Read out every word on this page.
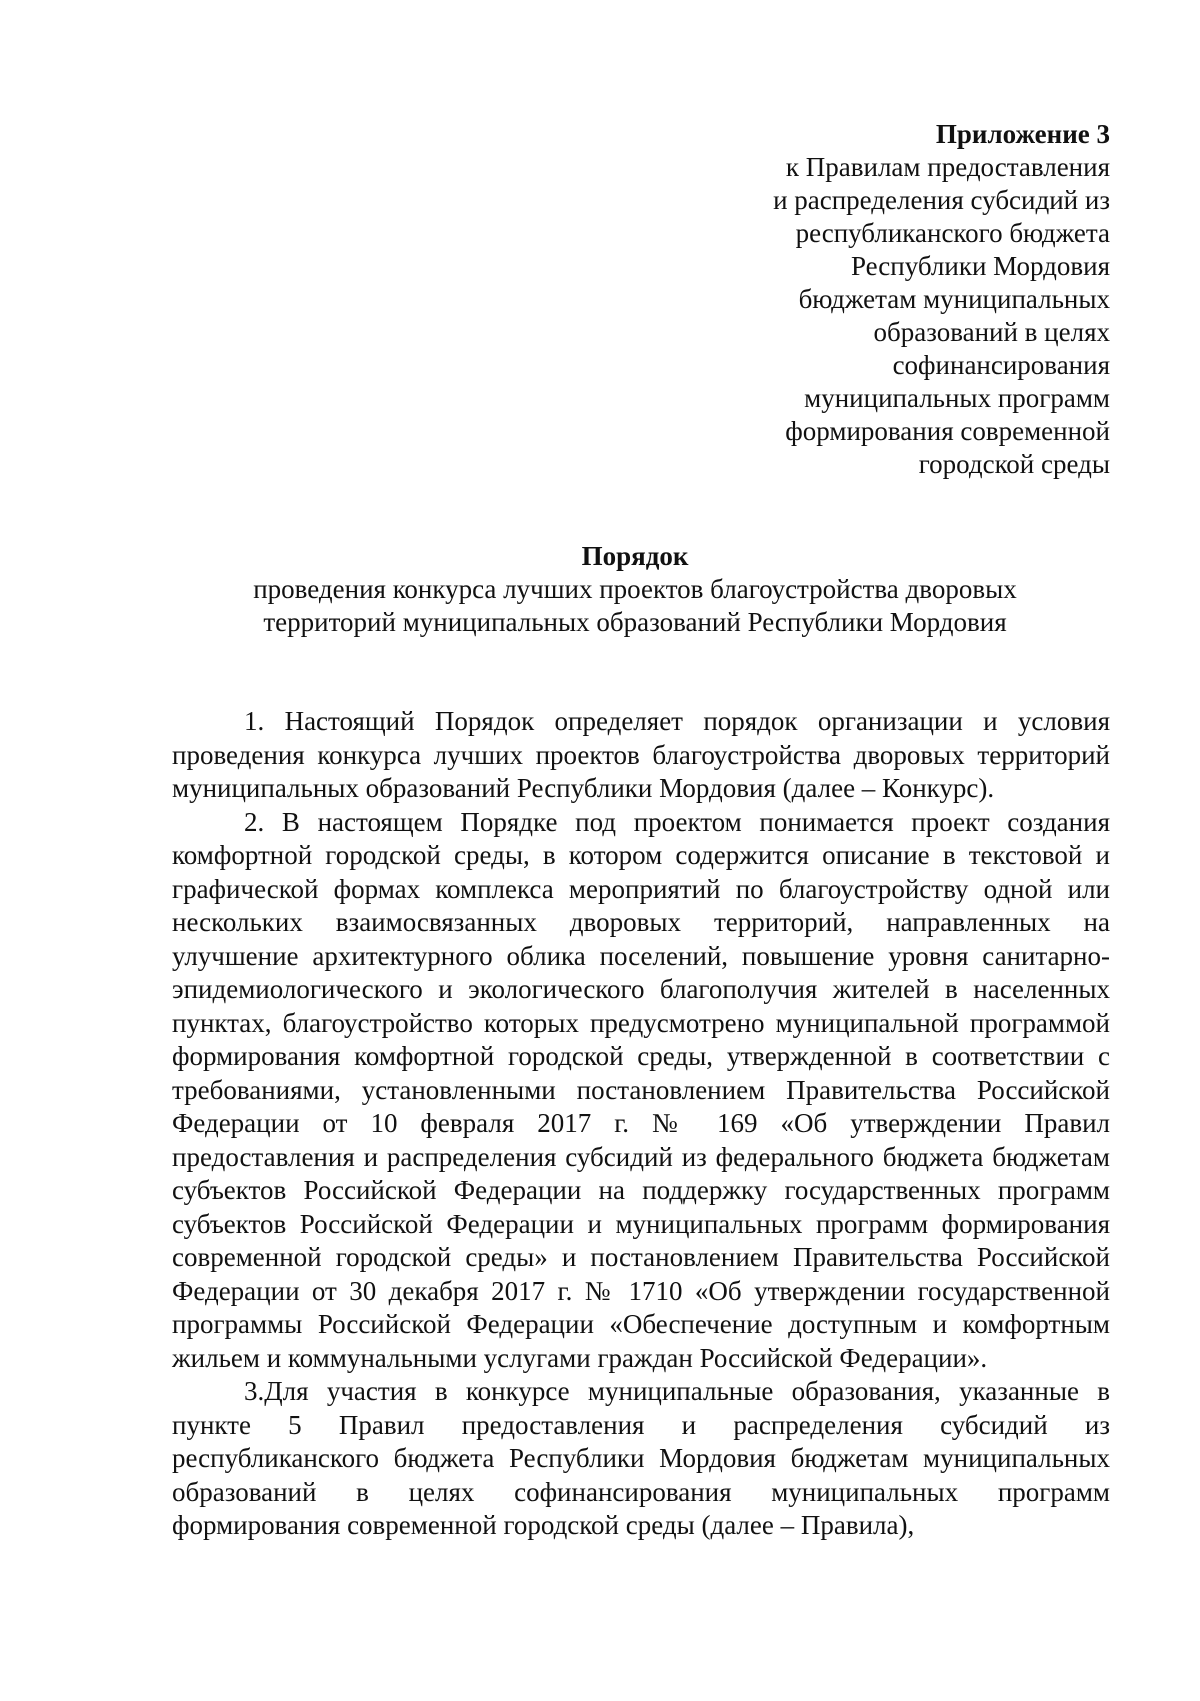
Приложение 3
к Правилам предоставления
и распределения субсидий из
республиканского бюджета
Республики Мордовия
бюджетам муниципальных
образований в целях
софинансирования
муниципальных программ
формирования современной
городской среды
Порядок
проведения конкурса лучших проектов благоустройства дворовых
территорий муниципальных образований Республики Мордовия

1. Настоящий Порядок определяет порядок организации и условия проведения конкурса лучших проектов благоустройства дворовых территорий муниципальных образований Республики Мордовия (далее – Конкурс).

2. В настоящем Порядке под проектом понимается проект создания комфортной городской среды, в котором содержится описание в текстовой и графической формах комплекса мероприятий по благоустройству одной или нескольких взаимосвязанных дворовых территорий, направленных на улучшение архитектурного облика поселений, повышение уровня санитарно-эпидемиологического и экологического благополучия жителей в населенных пунктах, благоустройство которых предусмотрено муниципальной программой формирования комфортной городской среды, утвержденной в соответствии с требованиями, установленными постановлением Правительства Российской Федерации от 10 февраля 2017 г. № 169 «Об утверждении Правил предоставления и распределения субсидий из федерального бюджета бюджетам субъектов Российской Федерации на поддержку государственных программ субъектов Российской Федерации и муниципальных программ формирования современной городской среды» и постановлением Правительства Российской Федерации от 30 декабря 2017 г. № 1710 «Об утверждении государственной программы Российской Федерации «Обеспечение доступным и комфортным жильем и коммунальными услугами граждан Российской Федерации».

3.Для участия в конкурсе муниципальные образования, указанные в пункте 5 Правил предоставления и распределения субсидий из республиканского бюджета Республики Мордовия бюджетам муниципальных образований в целях софинансирования муниципальных программ формирования современной городской среды (далее – Правила),
